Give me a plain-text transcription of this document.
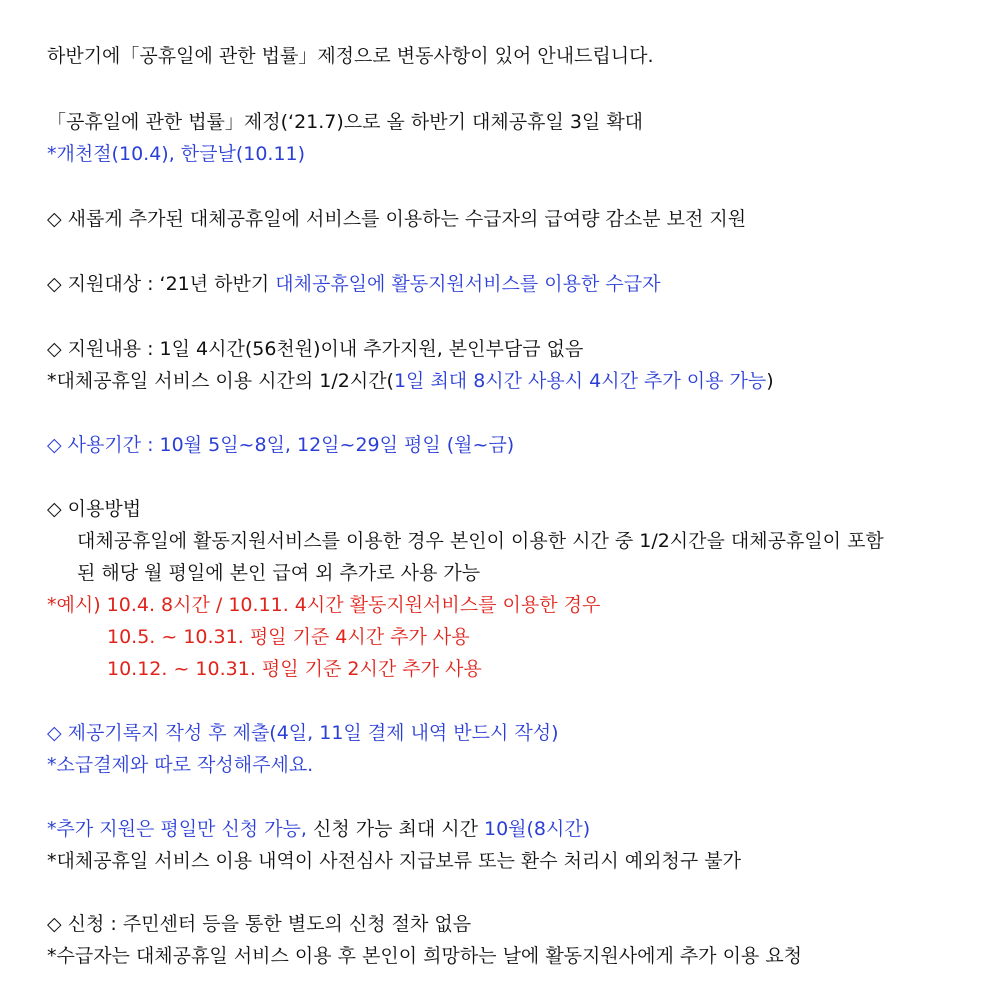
하반기에「공휴일에 관한 법률」제정으로 변동사항이 있어 안내드립니다.
「공휴일에 관한 법률」제정(‘21.7)으로 올 하반기 대체공휴일 3일 확대
*개천절(10.4), 한글날(10.11)
◇ 새롭게 추가된 대체공휴일에 서비스를 이용하는 수급자의 급여량 감소분 보전 지원
◇ 지원대상 : ‘21년 하반기 대체공휴일에 활동지원서비스를 이용한 수급자
◇ 지원내용 : 1일 4시간(56천원)이내 추가지원, 본인부담금 없음
*대체공휴일 서비스 이용 시간의 1/2시간(1일 최대 8시간 사용시 4시간 추가 이용 가능)
◇ 사용기간 : 10월 5일~8일, 12일~29일 평일 (월~금)
◇ 이용방법
대체공휴일에 활동지원서비스를 이용한 경우 본인이 이용한 시간 중 1/2시간을 대체공휴일이 포함
된 해당 월 평일에 본인 급여 외 추가로 사용 가능
*예시) 10.4. 8시간 / 10.11. 4시간 활동지원서비스를 이용한 경우
10.5. ~ 10.31. 평일 기준 4시간 추가 사용
10.12. ~ 10.31. 평일 기준 2시간 추가 사용
◇ 제공기록지 작성 후 제출(4일, 11일 결제 내역 반드시 작성)
*소급결제와 따로 작성해주세요.
*추가 지원은 평일만 신청 가능, 신청 가능 최대 시간 10월(8시간)
*대체공휴일 서비스 이용 내역이 사전심사 지급보류 또는 환수 처리시 예외청구 불가
◇ 신청 : 주민센터 등을 통한 별도의 신청 절차 없음
*수급자는 대체공휴일 서비스 이용 후 본인이 희망하는 날에 활동지원사에게 추가 이용 요청
